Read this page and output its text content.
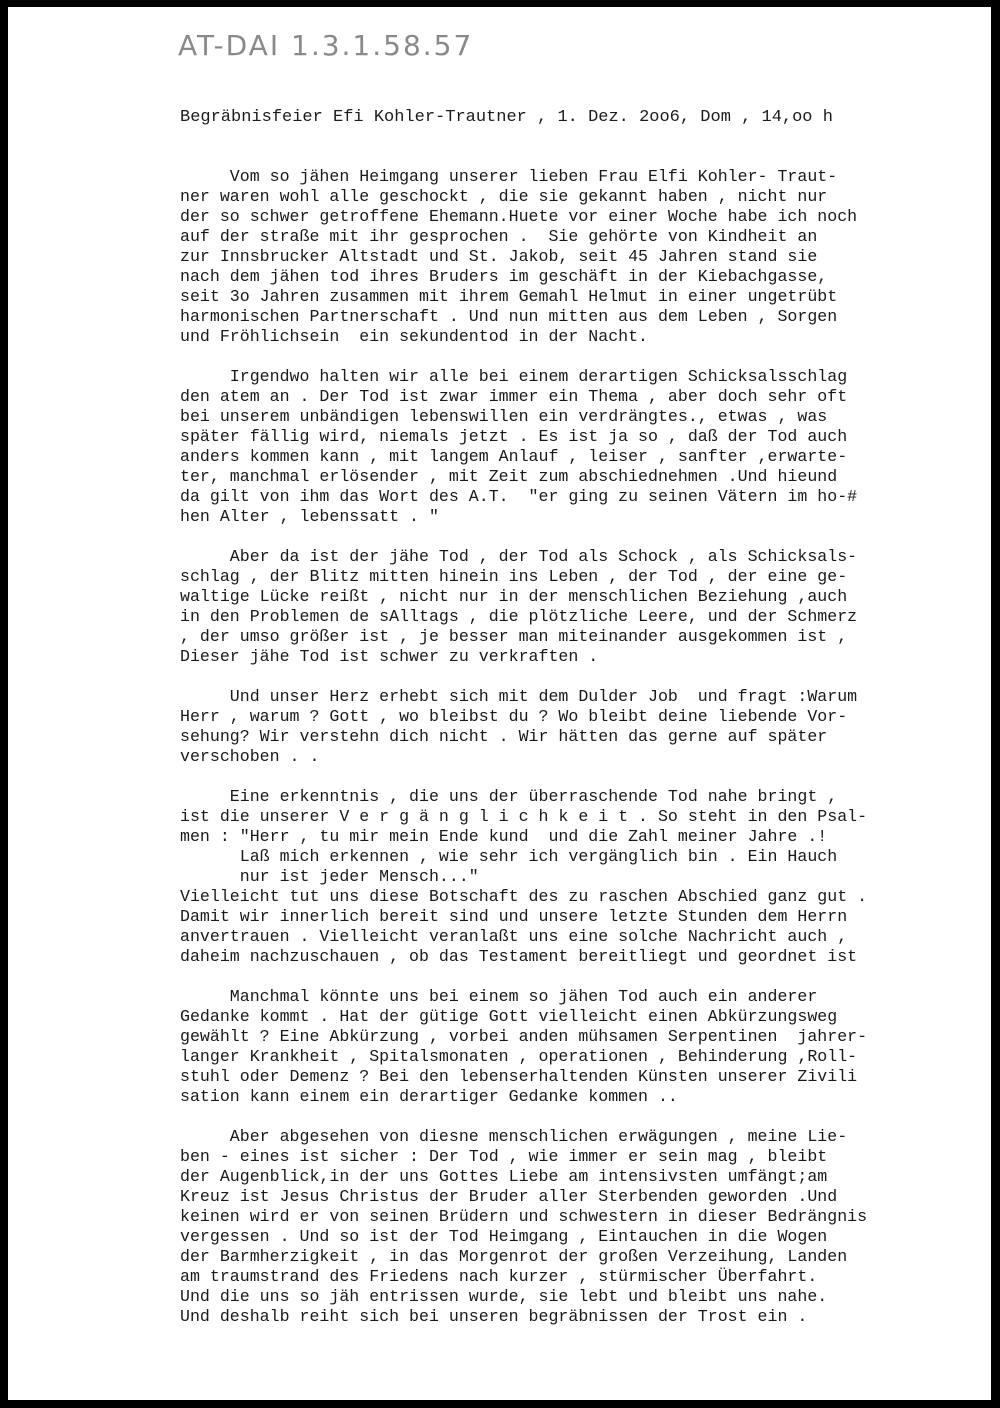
AT-DAI 1.3.1.58.57
Begräbnisfeier Efi Kohler-Trautner , 1. Dez. 2oo6, Dom , 14,oo h
Vom so jähen Heimgang unserer lieben Frau Elfi Kohler- Traut-
ner waren wohl alle geschockt , die sie gekannt haben , nicht nur
der so schwer getroffene Ehemann.Huete vor einer Woche habe ich noch
auf der straße mit ihr gesprochen .  Sie gehörte von Kindheit an
zur Innsbrucker Altstadt und St. Jakob, seit 45 Jahren stand sie
nach dem jähen tod ihres Bruders im geschäft in der Kiebachgasse,
seit 3o Jahren zusammen mit ihrem Gemahl Helmut in einer ungetrübt
harmonischen Partnerschaft . Und nun mitten aus dem Leben , Sorgen
und Fröhlichsein  ein sekundentod in der Nacht.
Irgendwo halten wir alle bei einem derartigen Schicksalsschlag
den atem an . Der Tod ist zwar immer ein Thema , aber doch sehr oft
bei unserem unbändigen lebenswillen ein verdrängtes., etwas , was
später fällig wird, niemals jetzt . Es ist ja so , daß der Tod auch
anders kommen kann , mit langem Anlauf , leiser , sanfter ,erwarte-
ter, manchmal erlösender , mit Zeit zum abschiednehmen .Und hieund
da gilt von ihm das Wort des A.T.  "er ging zu seinen Vätern im ho-#
hen Alter , lebenssatt . "
Aber da ist der jähe Tod , der Tod als Schock , als Schicksals-
schlag , der Blitz mitten hinein ins Leben , der Tod , der eine ge-
waltige Lücke reißt , nicht nur in der menschlichen Beziehung ,auch
in den Problemen de sAlltags , die plötzliche Leere, und der Schmerz
, der umso größer ist , je besser man miteinander ausgekommen ist ,
Dieser jähe Tod ist schwer zu verkraften .
Und unser Herz erhebt sich mit dem Dulder Job  und fragt :Warum
Herr , warum ? Gott , wo bleibst du ? Wo bleibt deine liebende Vor-
sehung? Wir verstehn dich nicht . Wir hätten das gerne auf später
verschoben . .
Eine erkenntnis , die uns der überraschende Tod nahe bringt ,
ist die unserer V e r g ä n g l i c h k e i t . So steht in den Psal-
men : "Herr , tu mir mein Ende kund  und die Zahl meiner Jahre .!
Laß mich erkennen , wie sehr ich vergänglich bin . Ein Hauch
nur ist jeder Mensch..."
Vielleicht tut uns diese Botschaft des zu raschen Abschied ganz gut .
Damit wir innerlich bereit sind und unsere letzte Stunden dem Herrn
anvertrauen . Vielleicht veranlaßt uns eine solche Nachricht auch ,
daheim nachzuschauen , ob das Testament bereitliegt und geordnet ist
Manchmal könnte uns bei einem so jähen Tod auch ein anderer
Gedanke kommt . Hat der gütige Gott vielleicht einen Abkürzungsweg
gewählt ? Eine Abkürzung , vorbei anden mühsamen Serpentinen  jahrer-
langer Krankheit , Spitalsmonaten , operationen , Behinderung ,Roll-
stuhl oder Demenz ? Bei den lebenserhaltenden Künsten unserer Zivili
sation kann einem ein derartiger Gedanke kommen ..
Aber abgesehen von diesne menschlichen erwägungen , meine Lie-
ben - eines ist sicher : Der Tod , wie immer er sein mag , bleibt
der Augenblick,in der uns Gottes Liebe am intensivsten umfängt;am
Kreuz ist Jesus Christus der Bruder aller Sterbenden geworden .Und
keinen wird er von seinen Brüdern und schwestern in dieser Bedrängnis
vergessen . Und so ist der Tod Heimgang , Eintauchen in die Wogen
der Barmherzigkeit , in das Morgenrot der großen Verzeihung, Landen
am traumstrand des Friedens nach kurzer , stürmischer Überfahrt.
Und die uns so jäh entrissen wurde, sie lebt und bleibt uns nahe.
Und deshalb reiht sich bei unseren begräbnissen der Trost ein .
